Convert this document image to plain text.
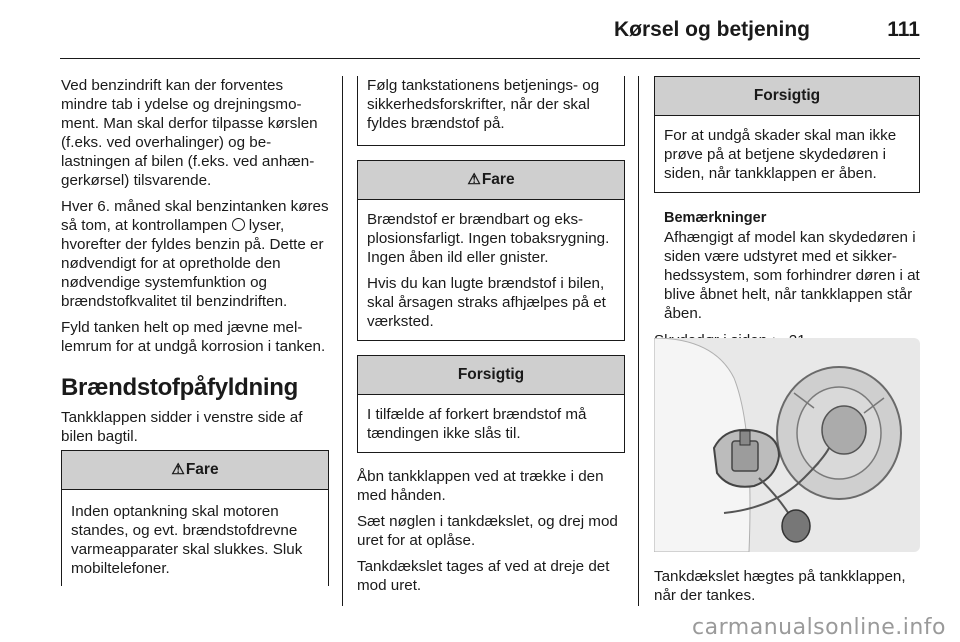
Kørsel og betjening	111

Ved benzindrift kan der forventes mindre tab i ydelse og drejningsmoment. Man skal derfor tilpasse kørslen (f.eks. ved overhalinger) og belastningen af bilen (f.eks. ved anhængerkørsel) tilsvarende.

Hver 6. måned skal benzintanken køres så tom, at kontrollampen  lyser, hvorefter der fyldes benzin på. Dette er nødvendigt for at opretholde den nødvendige systemfunktion og brændstofkvalitet til benzindriften.

Fyld tanken helt op med jævne mellemrum for at undgå korrosion i tanken.

Brændstofpåfyldning

Tankklappen sidder i venstre side af bilen bagtil.

⚠Fare

Inden optankning skal motoren standes, og evt. brændstofdrevne varmeapparater skal slukkes. Sluk mobiltelefoner.

Følg tankstationens betjenings- og sikkerhedsforskrifter, når der skal fyldes brændstof på.

⚠Fare

Brændstof er brændbart og eksplosionsfarligt. Ingen tobaksrygning. Ingen åben ild eller gnister.

Hvis du kan lugte brændstof i bilen, skal årsagen straks afhjælpes på et værksted.

Forsigtig

I tilfælde af forkert brændstof må tændingen ikke slås til.

Åbn tankklappen ved at trække i den med hånden.

Sæt nøglen i tankdækslet, og drej mod uret for at oplåse.

Tankdækslet tages af ved at dreje det mod uret.

Forsigtig

For at undgå skader skal man ikke prøve på at betjene skydedøren i siden, når tankklappen er åben.

Bemærkninger
Afhængigt af model kan skydedøren i siden være udstyret med et sikkerhedssystem, som forhindrer døren i at blive åbnet helt, når tankklappen står åben.

Tankdækslet hægtes på tankklappen, når der tankes.
carmanualsonline.info
